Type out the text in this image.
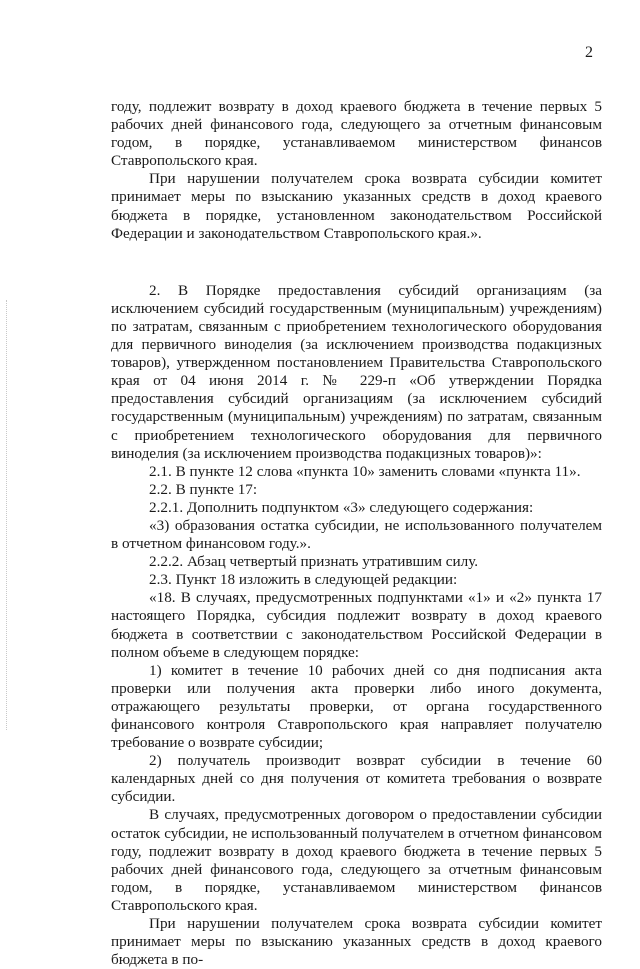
2

году, подлежит возврату в доход краевого бюджета в течение первых 5 рабочих дней финансового года, следующего за отчетным финансовым годом, в порядке, устанавливаемом министерством финансов Ставропольского края.

При нарушении получателем срока возврата субсидии комитет принимает меры по взысканию указанных средств в доход краевого бюджета в порядке, установленном законодательством Российской Федерации и законодательством Ставропольского края.».

2. В Порядке предоставления субсидий организациям (за исключением субсидий государственным (муниципальным) учреждениям) по затратам, связанным с приобретением технологического оборудования для первичного виноделия (за исключением производства подакцизных товаров), утвержденном постановлением Правительства Ставропольского края от 04 июня 2014 г. № 229-п «Об утверждении Порядка предоставления субсидий организациям (за исключением субсидий государственным (муниципальным) учреждениям) по затратам, связанным с приобретением технологического оборудования для первичного виноделия (за исключением производства подакцизных товаров)»:

2.1. В пункте 12 слова «пункта 10» заменить словами «пункта 11».

2.2. В пункте 17:

2.2.1. Дополнить подпунктом «3» следующего содержания:

«3) образования остатка субсидии, не использованного получателем в отчетном финансовом году.».

2.2.2. Абзац четвертый признать утратившим силу.

2.3. Пункт 18 изложить в следующей редакции:

«18. В случаях, предусмотренных подпунктами «1» и «2» пункта 17 настоящего Порядка, субсидия подлежит возврату в доход краевого бюджета в соответствии с законодательством Российской Федерации в полном объеме в следующем порядке:

1) комитет в течение 10 рабочих дней со дня подписания акта проверки или получения акта проверки либо иного документа, отражающего результаты проверки, от органа государственного финансового контроля Ставропольского края направляет получателю требование о возврате субсидии;

2) получатель производит возврат субсидии в течение 60 календарных дней со дня получения от комитета требования о возврате субсидии.

В случаях, предусмотренных договором о предоставлении субсидии остаток субсидии, не использованный получателем в отчетном финансовом году, подлежит возврату в доход краевого бюджета в течение первых 5 рабочих дней финансового года, следующего за отчетным финансовым годом, в порядке, устанавливаемом министерством финансов Ставропольского края.

При нарушении получателем срока возврата субсидии комитет принимает меры по взысканию указанных средств в доход краевого бюджета в по-
